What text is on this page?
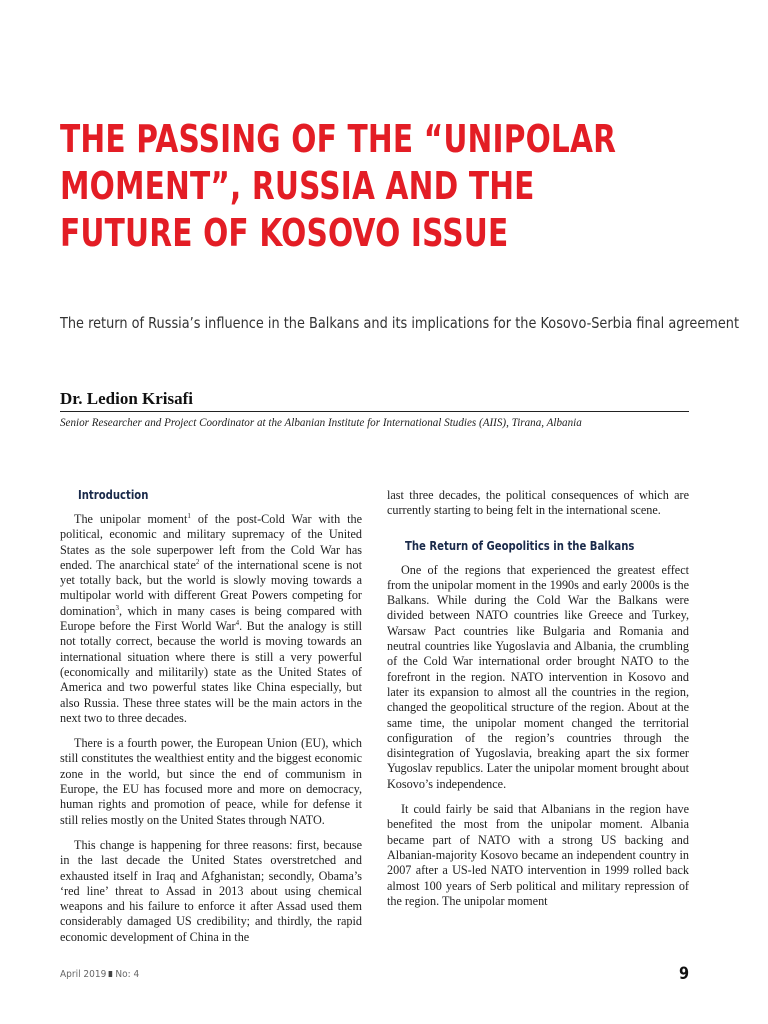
THE PASSING OF THE “UNIPOLAR
MOMENT”, RUSSIA AND THE
FUTURE OF KOSOVO ISSUE

The return of Russia’s influence in the Balkans and its implications for the Kosovo-Serbia final agreement

Dr. Ledion Krisafi

Senior Researcher and Project Coordinator at the Albanian Institute for International Studies (AIIS), Tirana, Albania

Introduction

The unipolar moment$^1$ of the post-Cold War with the political, economic and military supremacy of the United States as the sole superpower left from the Cold War has ended. The anarchical state$^2$ of the international scene is not yet totally back, but the world is slowly moving towards a multipolar world with different Great Powers competing for domination$^3$, which in many cases is being compared with Europe before the First World War$^4$. But the analogy is still not totally correct, because the world is moving towards an international situation where there is still a very powerful (economically and militarily) state as the United States of America and two powerful states like China especially, but also Russia. These three states will be the main actors in the next two to three decades.

There is a fourth power, the European Union (EU), which still constitutes the wealthiest entity and the biggest economic zone in the world, but since the end of communism in Europe, the EU has focused more and more on democracy, human rights and promotion of peace, while for defense it still relies mostly on the United States through NATO.

This change is happening for three reasons: first, because in the last decade the United States overstretched and exhausted itself in Iraq and Afghanistan; secondly, Obama’s ‘red line’ threat to Assad in 2013 about using chemical weapons and his failure to enforce it after Assad used them considerably damaged US credibility; and thirdly, the rapid economic development of China in the

last three decades, the political consequences of which are currently starting to being felt in the international scene.

The Return of Geopolitics in the Balkans

One of the regions that experienced the greatest effect from the unipolar moment in the 1990s and early 2000s is the Balkans. While during the Cold War the Balkans were divided between NATO countries like Greece and Turkey, Warsaw Pact countries like Bulgaria and Romania and neutral countries like Yugoslavia and Albania, the crumbling of the Cold War international order brought NATO to the forefront in the region. NATO intervention in Kosovo and later its expansion to almost all the countries in the region, changed the geopolitical structure of the region. About at the same time, the unipolar moment changed the territorial configuration of the region’s countries through the disintegration of Yugoslavia, breaking apart the six former Yugoslav republics. Later the unipolar moment brought about Kosovo’s independence.

It could fairly be said that Albanians in the region have benefited the most from the unipolar moment. Albania became part of NATO with a strong US backing and Albanian-majority Kosovo became an independent country in 2007 after a US-led NATO intervention in 1999 rolled back almost 100 years of Serb political and military repression of the region. The unipolar moment

April 2019 No: 4	9
